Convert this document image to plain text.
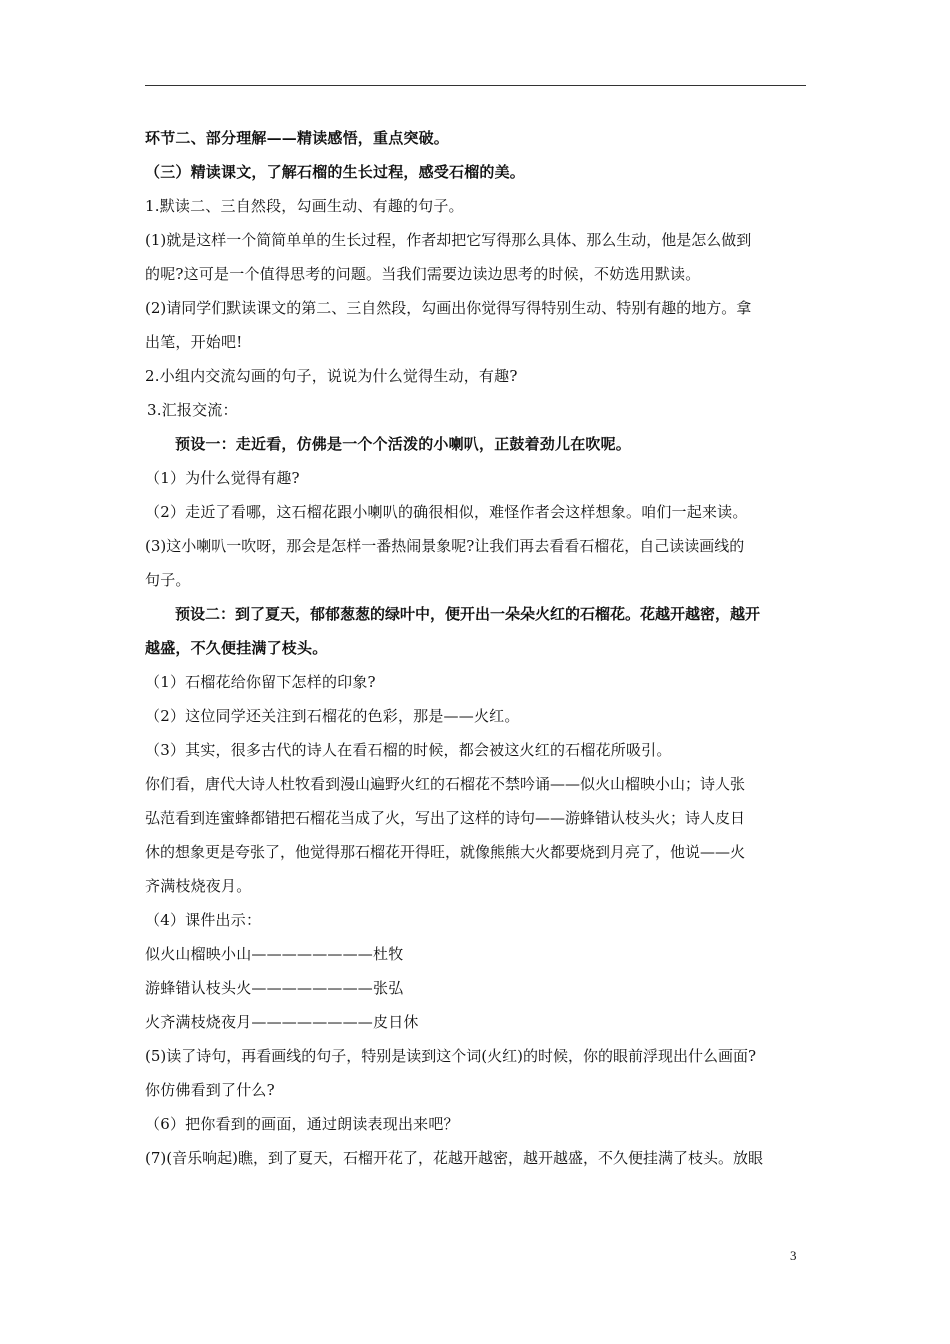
环节二、部分理解——精读感悟，重点突破。
（三）精读课文，了解石榴的生长过程，感受石榴的美。
1.默读二、三自然段，勾画生动、有趣的句子。
(1)就是这样一个简简单单的生长过程，作者却把它写得那么具体、那么生动，他是怎么做到
的呢?这可是一个值得思考的问题。当我们需要边读边思考的时候，不妨选用默读。
(2)请同学们默读课文的第二、三自然段，勾画出你觉得写得特别生动、特别有趣的地方。拿
出笔，开始吧!
2.小组内交流勾画的句子，说说为什么觉得生动，有趣?
3.汇报交流：
预设一：走近看，仿佛是一个个活泼的小喇叭，正鼓着劲儿在吹呢。
（1）为什么觉得有趣?
（2）走近了看哪，这石榴花跟小喇叭的确很相似，难怪作者会这样想象。咱们一起来读。
(3)这小喇叭一吹呀，那会是怎样一番热闹景象呢?让我们再去看看石榴花，自己读读画线的
句子。
预设二：到了夏天，郁郁葱葱的绿叶中，便开出一朵朵火红的石榴花。花越开越密，越开
越盛，不久便挂满了枝头。
（1）石榴花给你留下怎样的印象?
（2）这位同学还关注到石榴花的色彩，那是——火红。
（3）其实，很多古代的诗人在看石榴的时候，都会被这火红的石榴花所吸引。
你们看，唐代大诗人杜牧看到漫山遍野火红的石榴花不禁吟诵——似火山榴映小山；诗人张
弘范看到连蜜蜂都错把石榴花当成了火，写出了这样的诗句——游蜂错认枝头火；诗人皮日
休的想象更是夸张了，他觉得那石榴花开得旺，就像熊熊大火都要烧到月亮了，他说——火
齐满枝烧夜月。
（4）课件出示：
似火山榴映小山————————杜牧
游蜂错认枝头火————————张弘
火齐满枝烧夜月————————皮日休
(5)读了诗句，再看画线的句子，特别是读到这个词(火红)的时候，你的眼前浮现出什么画面?
你仿佛看到了什么?
（6）把你看到的画面，通过朗读表现出来吧？
(7)(音乐响起)瞧，到了夏天，石榴开花了，花越开越密，越开越盛，不久便挂满了枝头。放眼
3
